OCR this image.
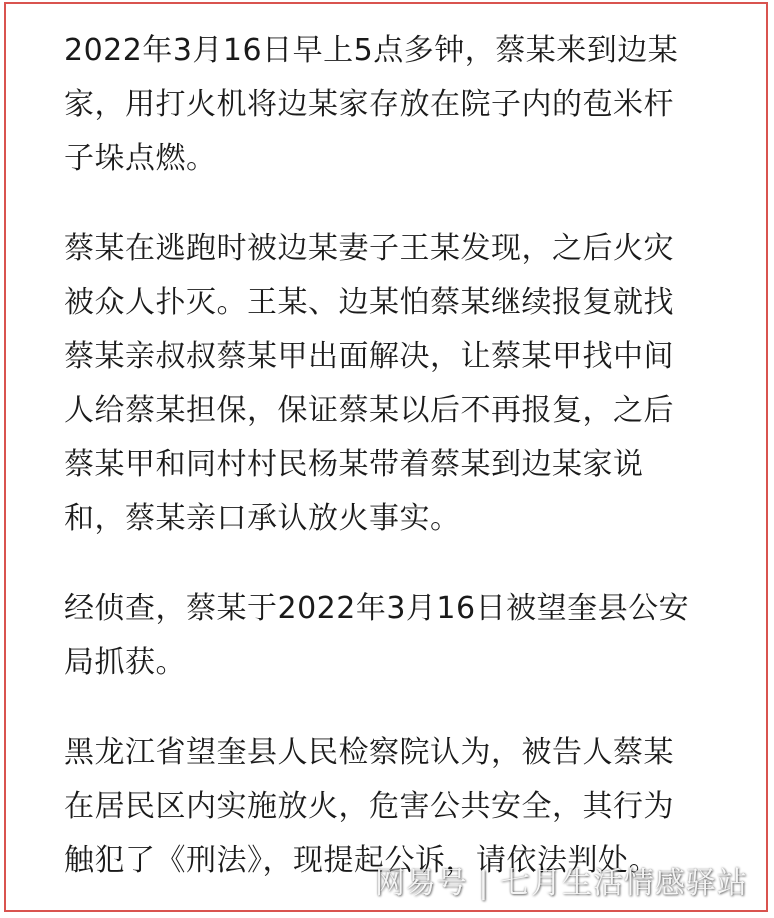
2022年3月16日早上5点多钟，蔡某来到边某
家，用打火机将边某家存放在院子内的苞米杆
子垛点燃。

蔡某在逃跑时被边某妻子王某发现，之后火灾
被众人扑灭。王某、边某怕蔡某继续报复就找
蔡某亲叔叔蔡某甲出面解决，让蔡某甲找中间
人给蔡某担保，保证蔡某以后不再报复，之后
蔡某甲和同村村民杨某带着蔡某到边某家说
和，蔡某亲口承认放火事实。

经侦查，蔡某于2022年3月16日被望奎县公安
局抓获。

黑龙江省望奎县人民检察院认为，被告人蔡某
在居民区内实施放火，危害公共安全，其行为
触犯了《刑法》，现提起公诉，请依法判处。

网易号 | 七月生活情感驿站
